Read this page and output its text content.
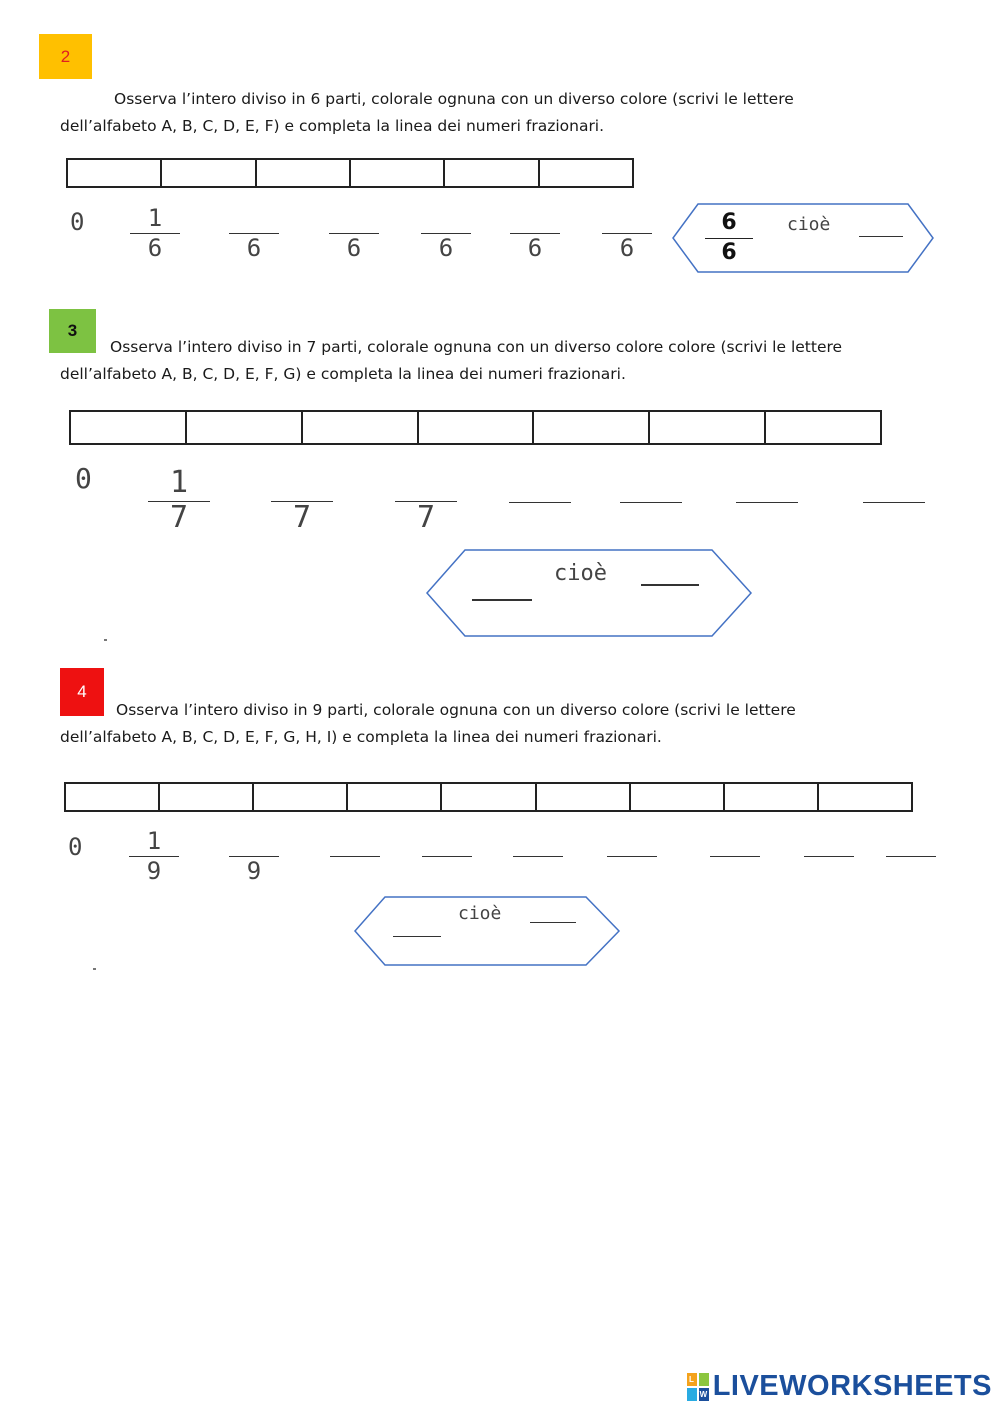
2
Osserva l’intero diviso in 6 parti, colorale ognuna con un diverso colore (scrivi le lettere
dell’alfabeto A, B, C, D, E, F) e completa la linea dei numeri frazionari.
0	1
6	6	6	6	6	6
6
6
cioè
3
Osserva l’intero diviso in 7 parti, colorale ognuna con un diverso colore colore (scrivi le lettere
dell’alfabeto A, B, C, D, E, F, G) e completa la linea dei numeri frazionari.
0	1
7	7	7
cioè
4
Osserva l’intero diviso in 9 parti, colorale ognuna con un diverso colore (scrivi le lettere
dell’alfabeto A, B, C, D, E, F, G, H, I) e completa la linea dei numeri frazionari.
0	1
9	9
cioè
L
W LIVEWORKSHEETS
